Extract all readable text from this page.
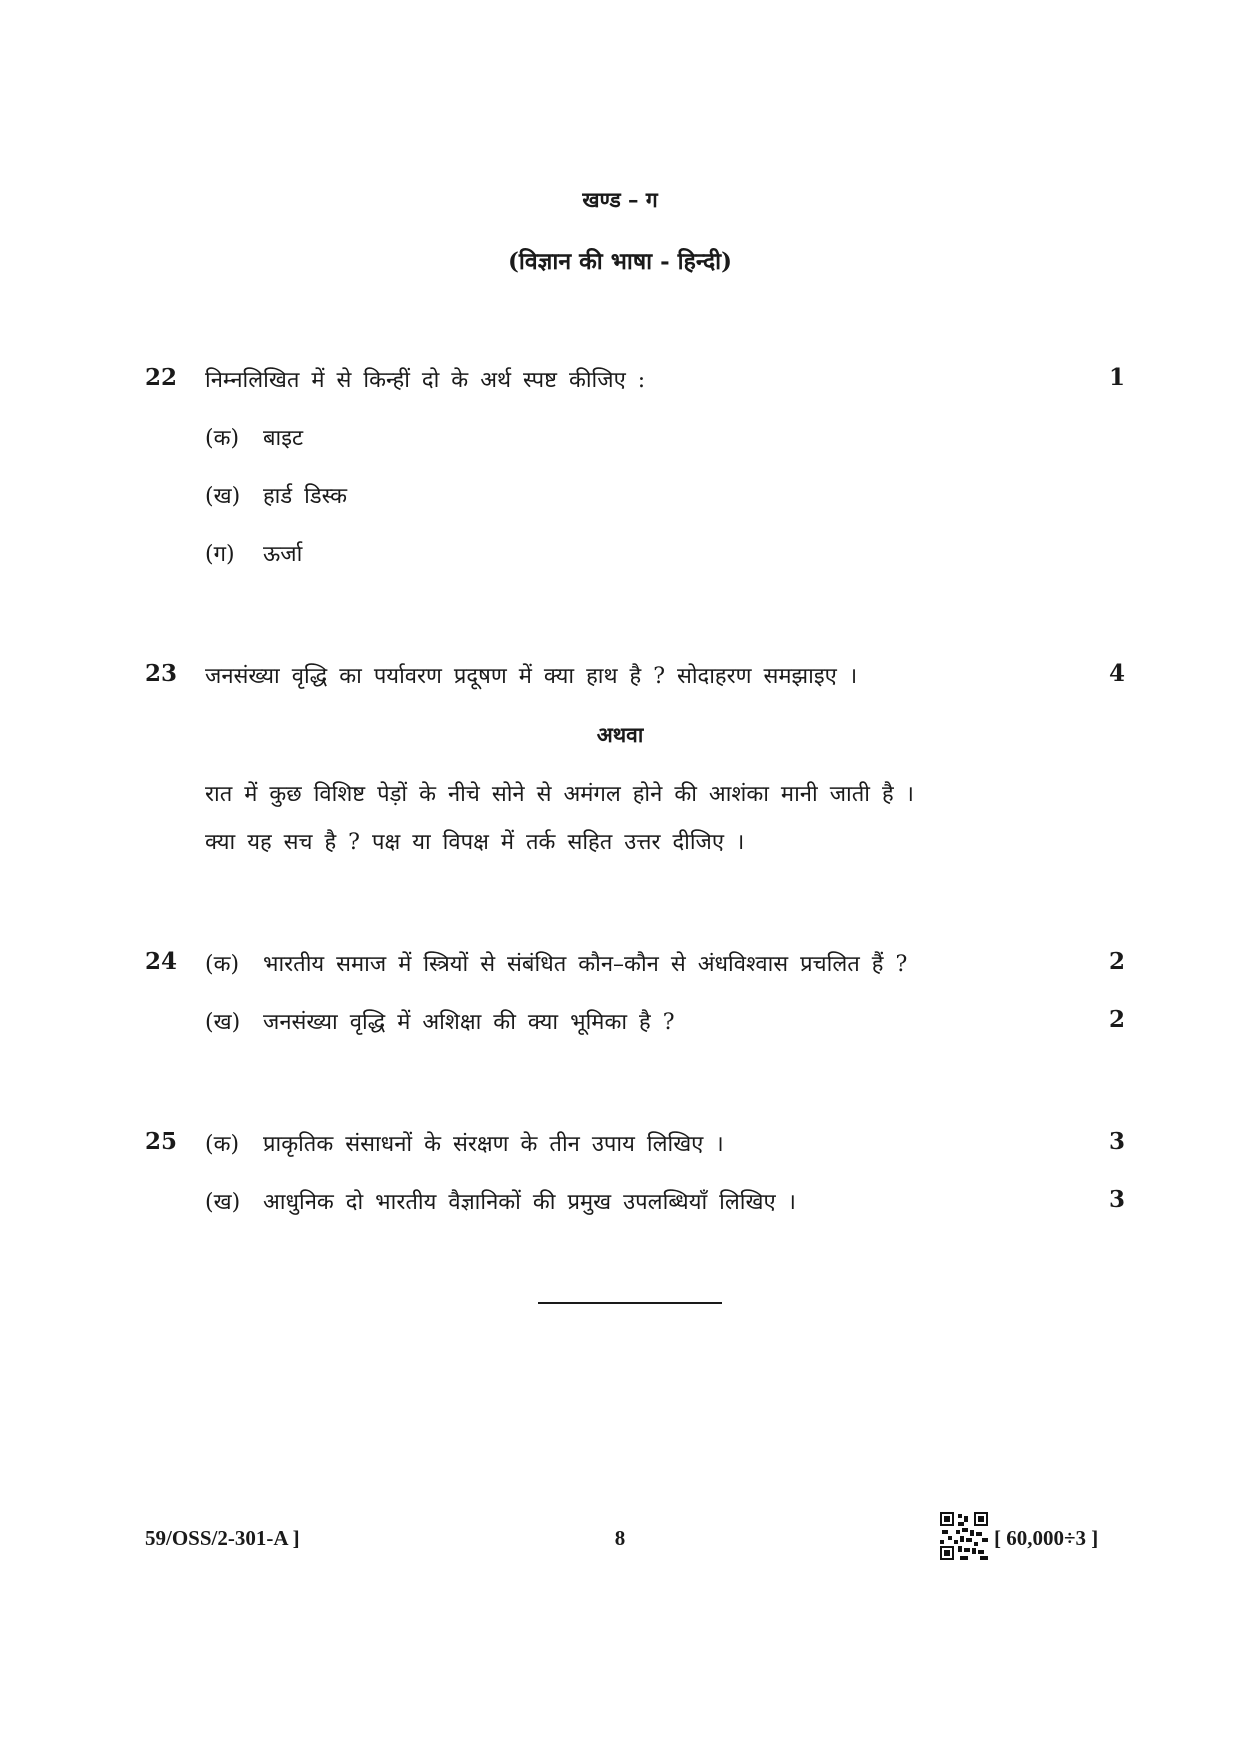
खण्ड – ग
(विज्ञान की भाषा - हिन्दी)
22 निम्नलिखित में से किन्हीं दो के अर्थ स्पष्ट कीजिए :	1
(क) बाइट
(ख) हार्ड डिस्क
(ग) ऊर्जा
23 जनसंख्या वृद्धि का पर्यावरण प्रदूषण में क्या हाथ है ? सोदाहरण समझाइए ।	4
अथवा
रात में कुछ विशिष्ट पेड़ों के नीचे सोने से अमंगल होने की आशंका मानी जाती है ।
क्या यह सच है ? पक्ष या विपक्ष में तर्क सहित उत्तर दीजिए ।
24 (क) भारतीय समाज में स्त्रियों से संबंधित कौन–कौन से अंधविश्वास प्रचलित हैं ?	2
(ख) जनसंख्या वृद्धि में अशिक्षा की क्या भूमिका है ?	2
25 (क) प्राकृतिक संसाधनों के संरक्षण के तीन उपाय लिखिए ।	3
(ख) आधुनिक दो भारतीय वैज्ञानिकों की प्रमुख उपलब्धियाँ लिखिए ।	3
59/OSS/2-301-A ]	8	[ 60,000÷3 ]
